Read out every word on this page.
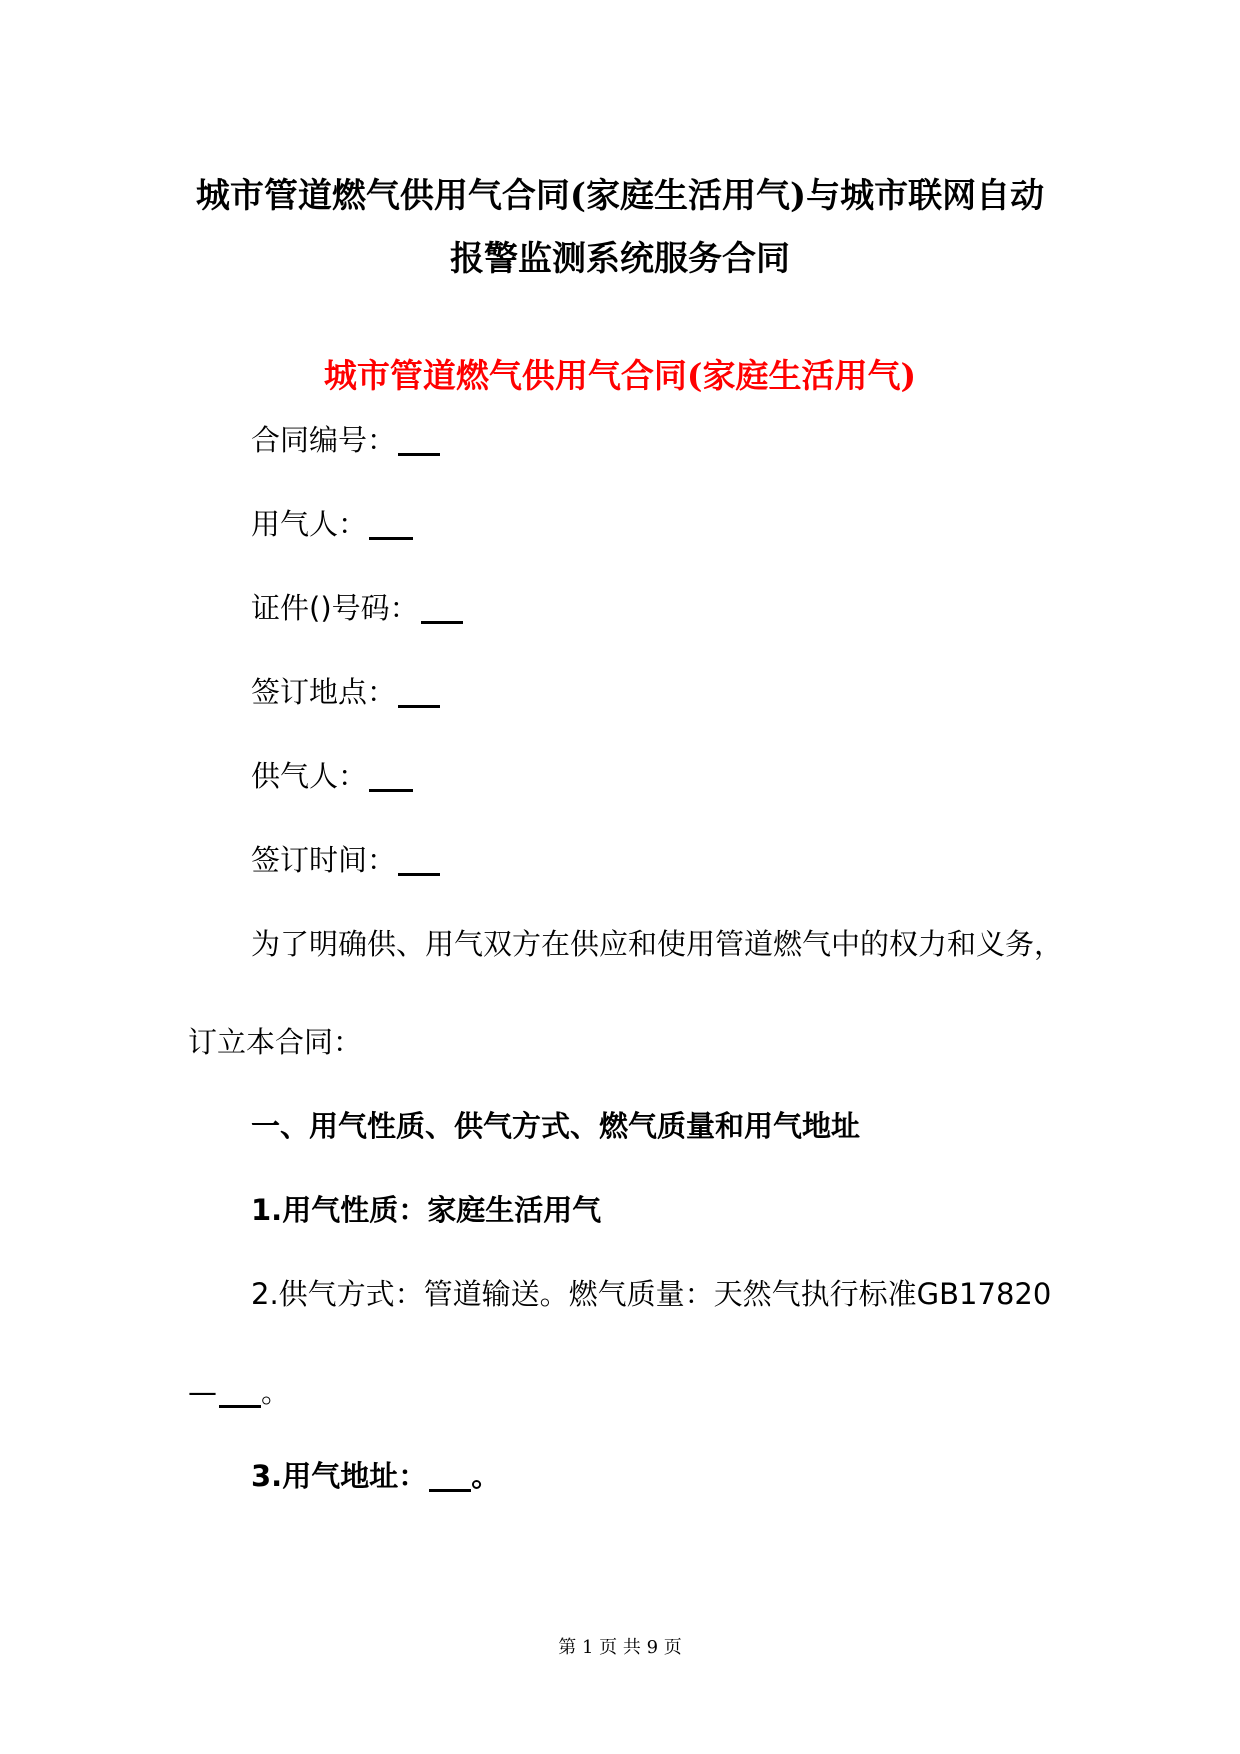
城市管道燃气供用气合同(家庭生活用气)与城市联网自动
报警监测系统服务合同
城市管道燃气供用气合同(家庭生活用气)

合同编号：

用气人：

证件()号码：

签订地点：

供气人：

签订时间：

为了明确供、用气双方在供应和使用管道燃气中的权力和义务，

订立本合同：

一、用气性质、供气方式、燃气质量和用气地址

1.用气性质：家庭生活用气

2.供气方式：管道输送。燃气质量：天然气执行标准GB17820

— 。

3.用气地址： 。

第 1 页 共 9 页
